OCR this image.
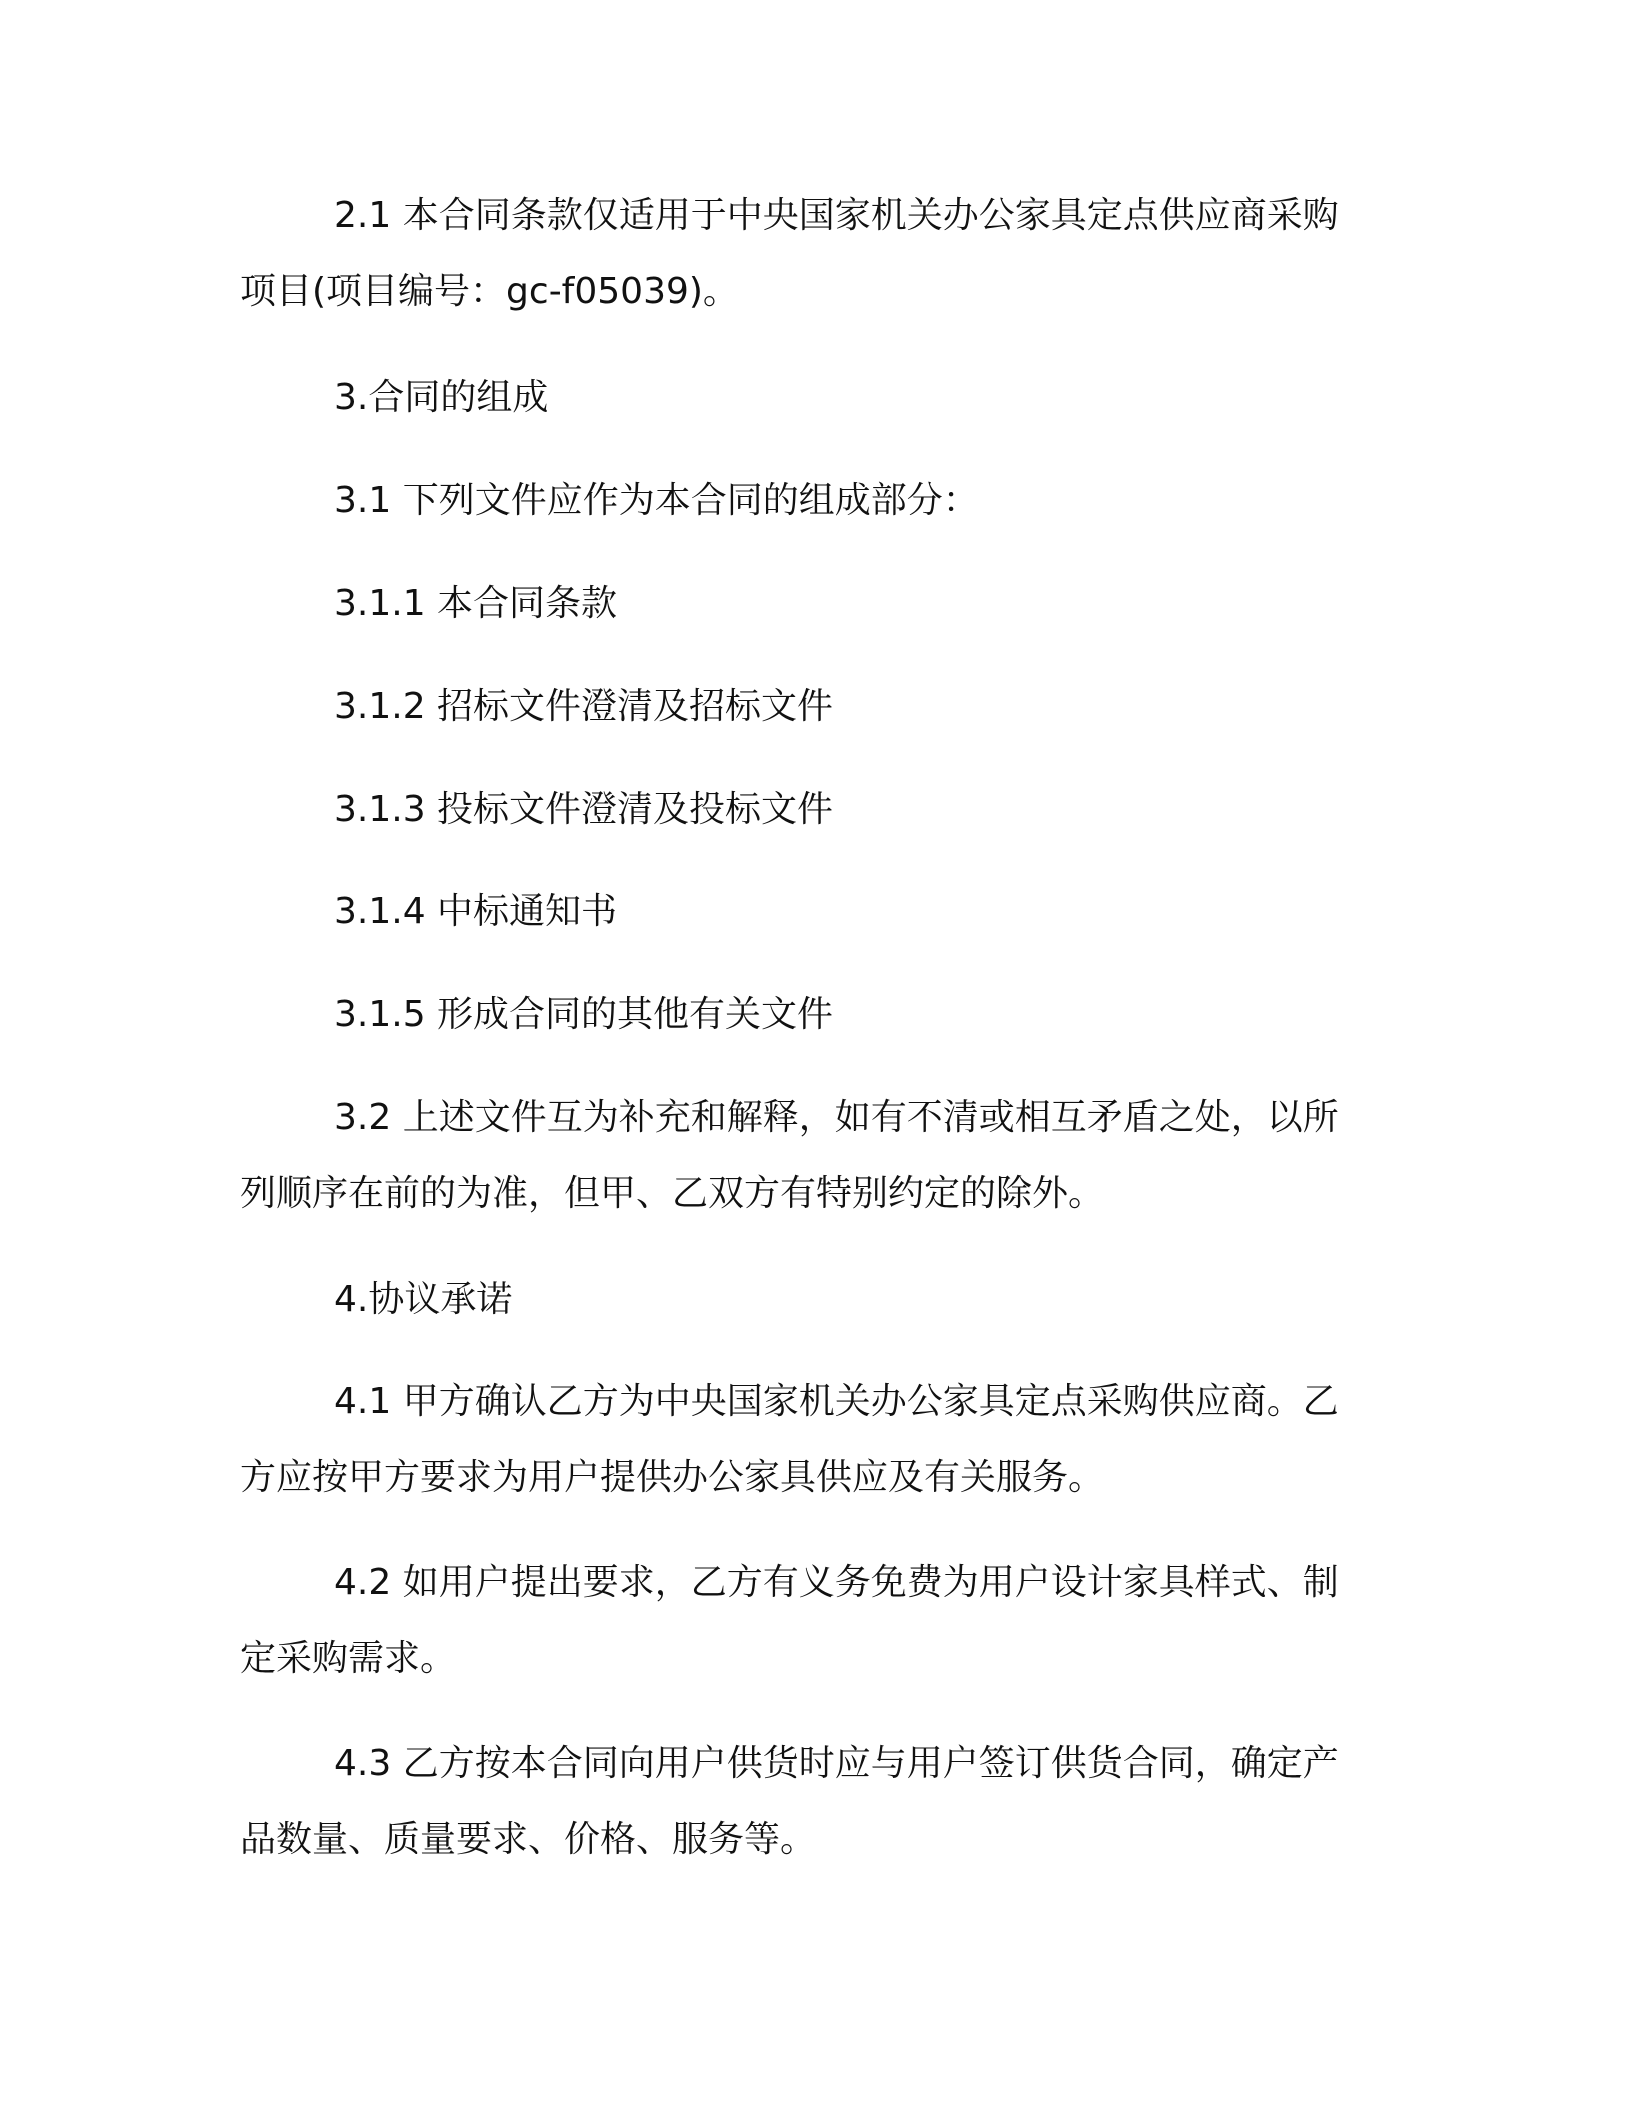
2.1 本合同条款仅适用于中央国家机关办公家具定点供应商采购项目(项目编号：gc-f05039)。

3.合同的组成

3.1 下列文件应作为本合同的组成部分：

3.1.1 本合同条款

3.1.2 招标文件澄清及招标文件

3.1.3 投标文件澄清及投标文件

3.1.4 中标通知书

3.1.5 形成合同的其他有关文件

3.2 上述文件互为补充和解释，如有不清或相互矛盾之处，以所列顺序在前的为准，但甲、乙双方有特别约定的除外。

4.协议承诺

4.1 甲方确认乙方为中央国家机关办公家具定点采购供应商。乙方应按甲方要求为用户提供办公家具供应及有关服务。

4.2 如用户提出要求，乙方有义务免费为用户设计家具样式、制定采购需求。

4.3 乙方按本合同向用户供货时应与用户签订供货合同，确定产品数量、质量要求、价格、服务等。
